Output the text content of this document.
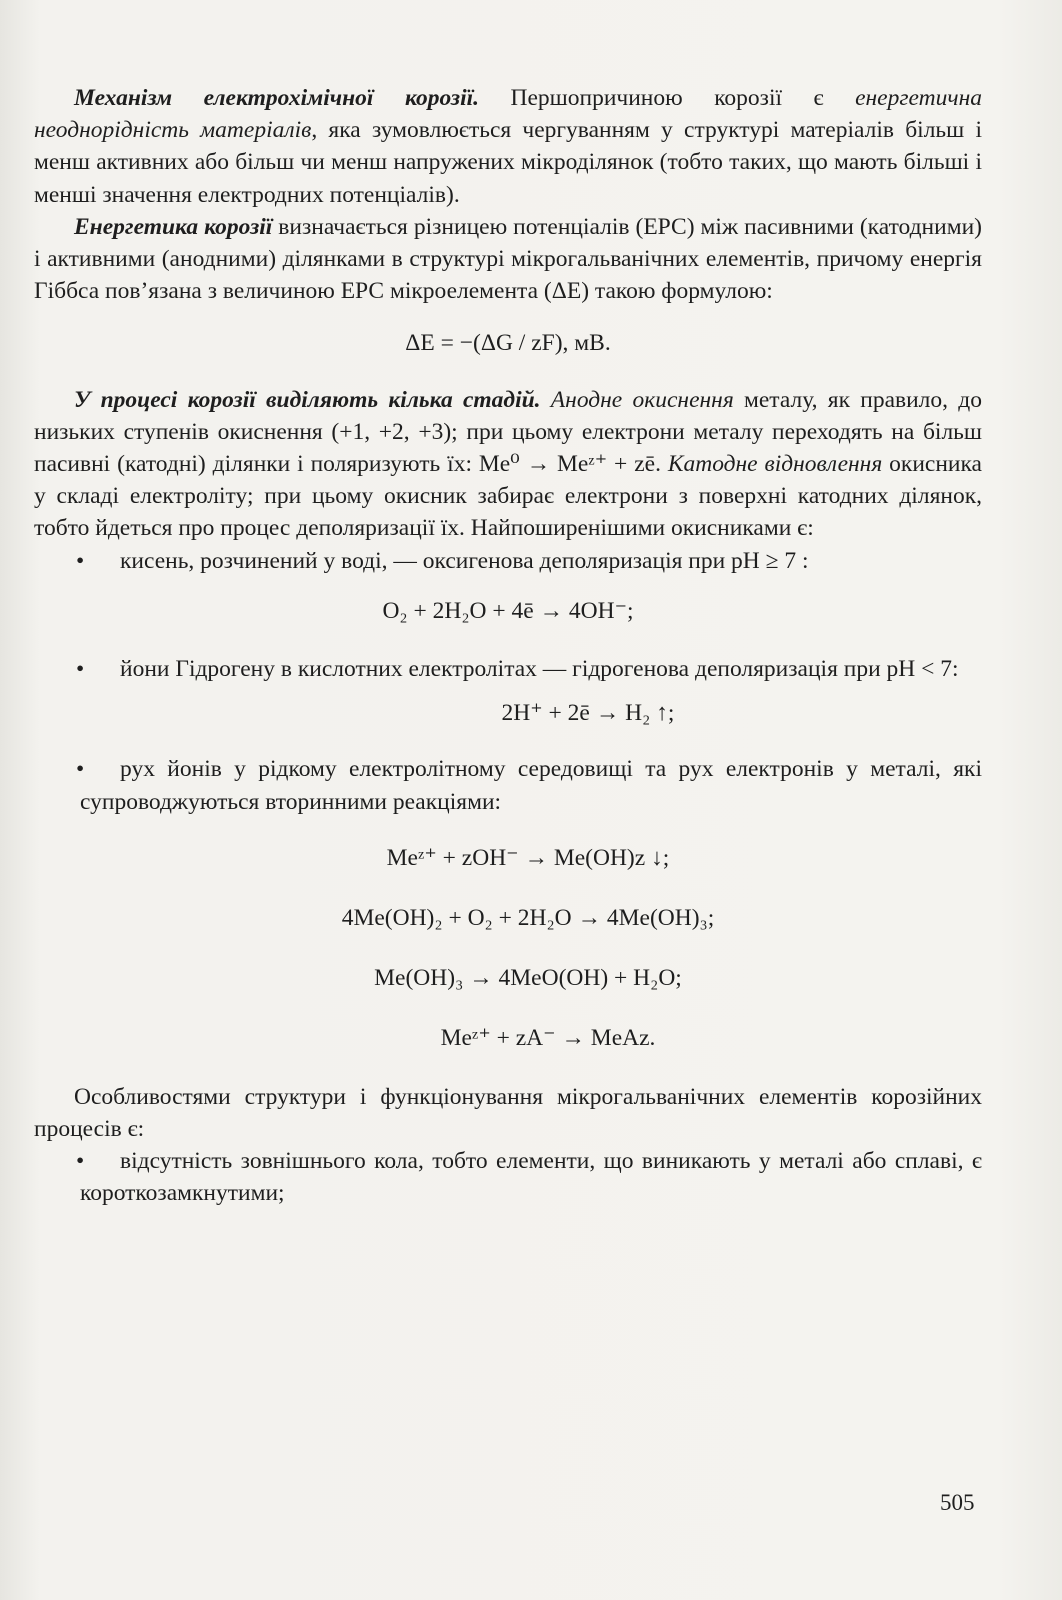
Механізм електрохімічної корозії. Першопричиною корозії є енергетична неоднорідність матеріалів, яка зумовлюється чергуванням у структурі матеріалів більш і менш активних або більш чи менш напружених мікроділянок (тобто таких, що мають більші і менші значення електродних потенціалів).

Енергетика корозії визначається різницею потенціалів (ЕРС) між пасивними (катодними) і активними (анодними) ділянками в структурі мікрогальванічних елементів, причому енергія Гіббса пов’язана з величиною ЕРС мікроелемента (ΔE) такою формулою:

ΔE = −(ΔG / zF), мВ.

У процесі корозії виділяють кілька стадій. Анодне окиснення металу, як правило, до низьких ступенів окиснення (+1, +2, +3); при цьому електрони металу переходять на більш пасивні (катодні) ділянки і поляризують їх: Me⁰ → Meᶻ⁺ + zē. Катодне відновлення окисника у складі електроліту; при цьому окисник забирає електрони з поверхні катодних ділянок, тобто йдеться про процес деполяризації їх. Найпоширенішими окисниками є:

• кисень, розчинений у воді, — оксигенова деполяризація при pH ≥ 7 :

O₂ + 2H₂O + 4ē → 4OH⁻;

• йони Гідрогену в кислотних електролітах — гідрогенова деполяризація при pH < 7:

2H⁺ + 2ē → H₂ ↑;

• рух йонів у рідкому електролітному середовищі та рух електронів у металі, які супроводжуються вторинними реакціями:

Meᶻ⁺ + zOH⁻ → Me(OH)z ↓;
4Me(OH)₂ + O₂ + 2H₂O → 4Me(OH)₃;
Me(OH)₃ → 4MeO(OH) + H₂O;
Meᶻ⁺ + zA⁻ → MeAz.

Особливостями структури і функціонування мікрогальванічних елементів корозійних процесів є:

• відсутність зовнішнього кола, тобто елементи, що виникають у металі або сплаві, є короткозамкнутими;

505
